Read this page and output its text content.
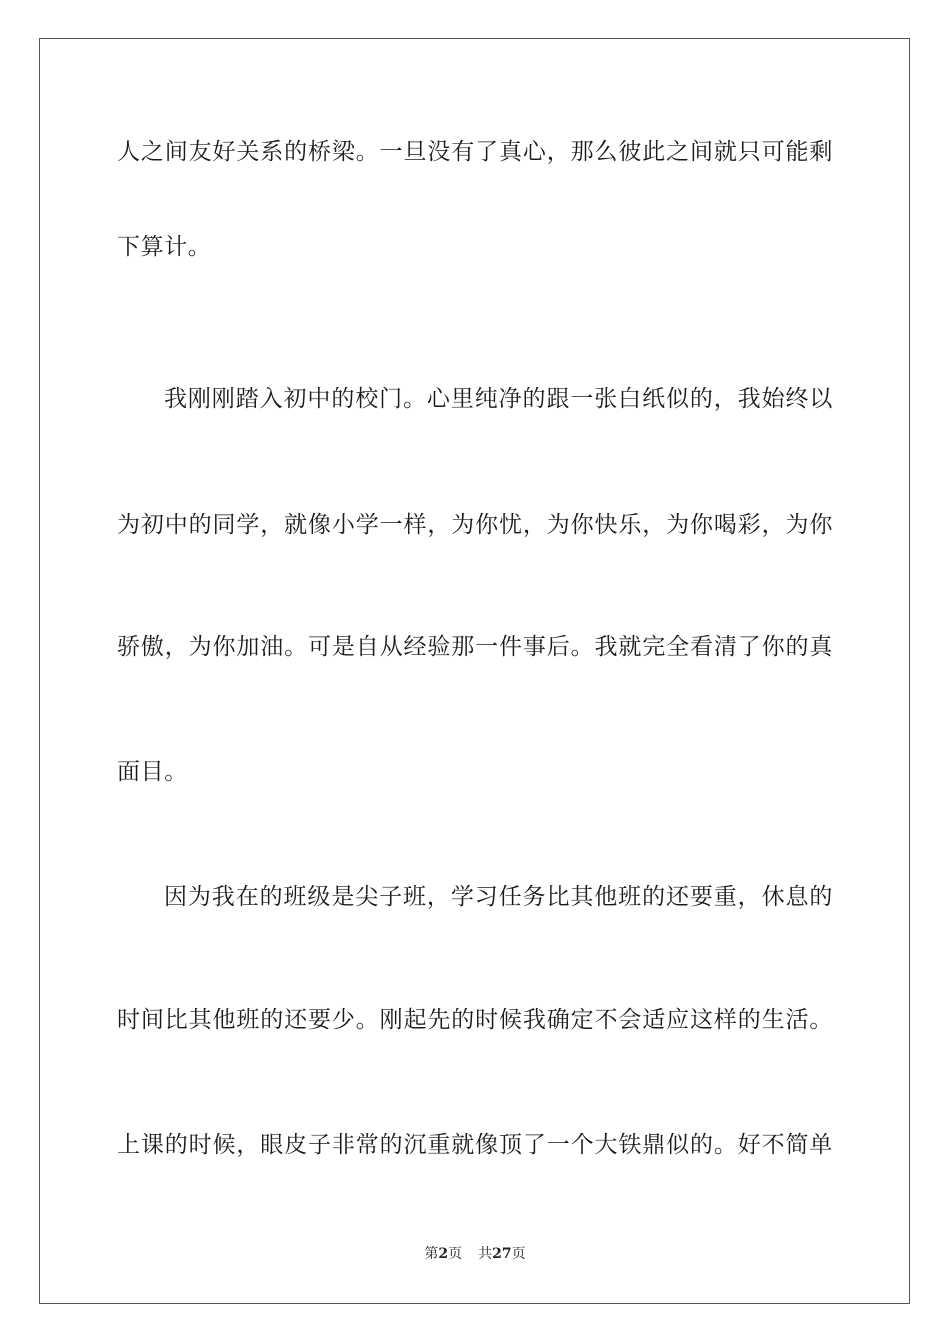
人之间友好关系的桥梁。一旦没有了真心，那么彼此之间就只可能剩
下算计。
我刚刚踏入初中的校门。心里纯净的跟一张白纸似的，我始终以
为初中的同学，就像小学一样，为你忧，为你快乐，为你喝彩，为你
骄傲，为你加油。可是自从经验那一件事后。我就完全看清了你的真
面目。
因为我在的班级是尖子班，学习任务比其他班的还要重，休息的
时间比其他班的还要少。刚起先的时候我确定不会适应这样的生活。
上课的时候，眼皮子非常的沉重就像顶了一个大铁鼎似的。好不简单
第2页 共27页
